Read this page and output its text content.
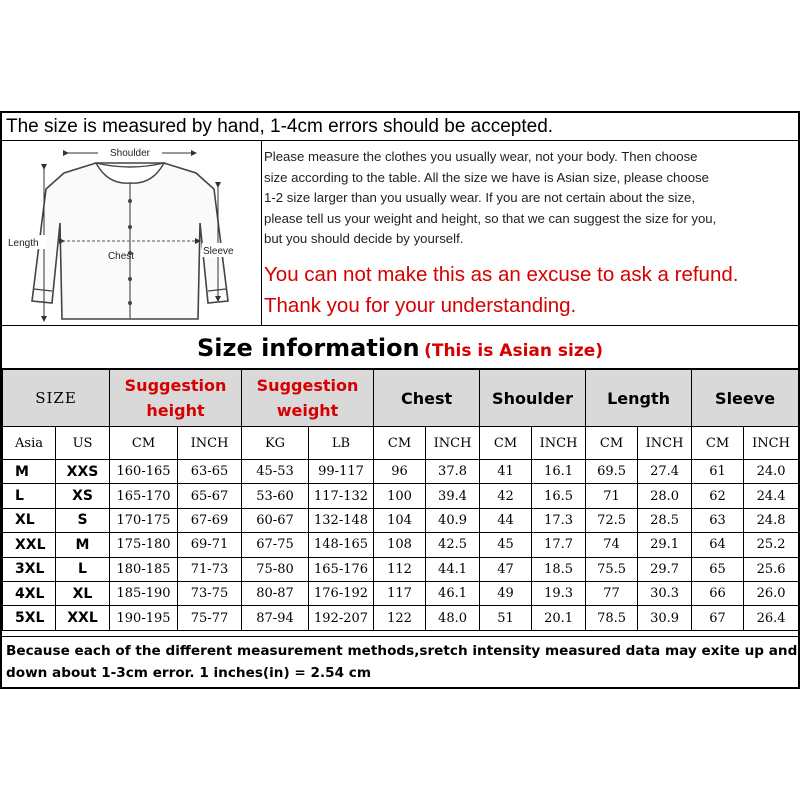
The size is measured by hand, 1-4cm errors should be accepted.
Shoulder
Length
Chest	Sleeve
Please measure the clothes you usually wear, not your body. Then choose
size according to the table. All the size we have is Asian size, please choose
1-2 size larger than you usually wear. If you are not certain about the size,
please tell us your weight and height, so that we can suggest the size for you,
but you should decide by yourself.
You can not make this as an excuse to ask a refund.
Thank you for your understanding.
Size information (This is Asian size)
SIZE		Suggestion height		Suggestion weight		Chest		Shoulder		Length		Sleeve	
Asia	US	CM	INCH	KG	LB	CM	INCH	CM	INCH	CM	INCH	CM	INCH
M	XXS	160-165	63-65	45-53	99-117	96	37.8	41	16.1	69.5	27.4	61	24.0
L	XS	165-170	65-67	53-60	117-132	100	39.4	42	16.5	71	28.0	62	24.4
XL	S	170-175	67-69	60-67	132-148	104	40.9	44	17.3	72.5	28.5	63	24.8
XXL	M	175-180	69-71	67-75	148-165	108	42.5	45	17.7	74	29.1	64	25.2
3XL	L	180-185	71-73	75-80	165-176	112	44.1	47	18.5	75.5	29.7	65	25.6
4XL	XL	185-190	73-75	80-87	176-192	117	46.1	49	19.3	77	30.3	66	26.0
5XL	XXL	190-195	75-77	87-94	192-207	122	48.0	51	20.1	78.5	30.9	67	26.4
Because each of the different measurement methods,sretch intensity measured data may exite up and
down about 1-3cm error. 1 inches(in) = 2.54 cm
